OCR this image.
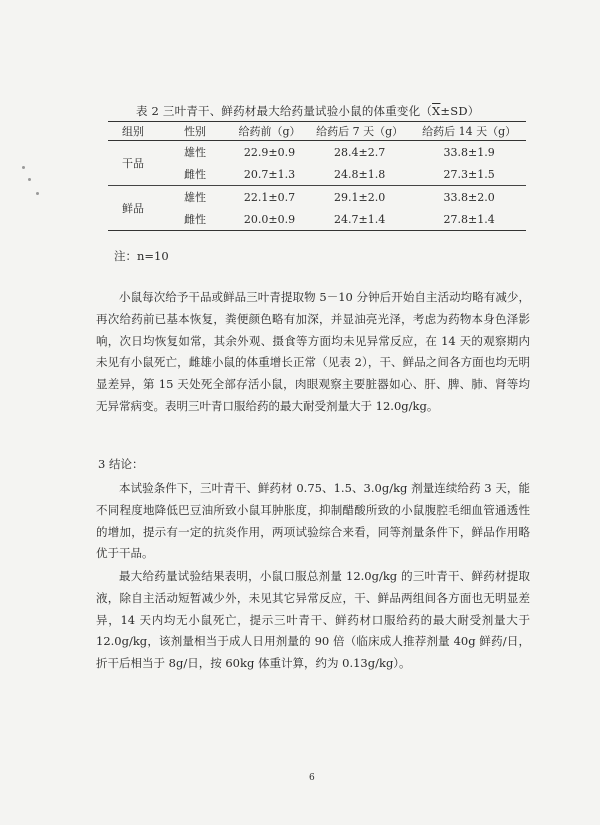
表 2 三叶青干、鲜药材最大给药量试验小鼠的体重变化$(\overline{X}\pm SD)$
组别	性别	给药前（g）	给药后 7 天（g）	给药后 14 天（g）
干品	雄性	22.9±0.9	28.4±2.7	33.8±1.9
	雌性	20.7±1.3	24.8±1.8	27.3±1.5
鲜品	雄性	22.1±0.7	29.1±2.0	33.8±2.0
	雌性	20.0±0.9	24.7±1.4	27.8±1.4
注：n=10

小鼠每次给予干品或鲜品三叶青提取物 5－10 分钟后开始自主活动均略有减少，再次给药前已基本恢复，粪便颜色略有加深，并显油亮光泽，考虑为药物本身色泽影响，次日均恢复如常，其余外观、摄食等方面均未见异常反应，在 14 天的观察期内未见有小鼠死亡，雌雄小鼠的体重增长正常（见表 2），干、鲜品之间各方面也均无明显差异，第 15 天处死全部存活小鼠，肉眼观察主要脏器如心、肝、脾、肺、肾等均无异常病变。表明三叶青口服给药的最大耐受剂量大于 12.0g/kg。

3 结论：

本试验条件下，三叶青干、鲜药材 0.75、1.5、3.0g/kg 剂量连续给药 3 天，能不同程度地降低巴豆油所致小鼠耳肿胀度，抑制醋酸所致的小鼠腹腔毛细血管通透性的增加，提示有一定的抗炎作用，两项试验综合来看，同等剂量条件下，鲜品作用略优于干品。

最大给药量试验结果表明，小鼠口服总剂量 12.0g/kg 的三叶青干、鲜药材提取液，除自主活动短暂减少外，未见其它异常反应，干、鲜品两组间各方面也无明显差异，14 天内均无小鼠死亡，提示三叶青干、鲜药材口服给药的最大耐受剂量大于 12.0g/kg，该剂量相当于成人日用剂量的 90 倍（临床成人推荐剂量 40g 鲜药/日，折干后相当于 8g/日，按 60kg 体重计算，约为 0.13g/kg）。

6
